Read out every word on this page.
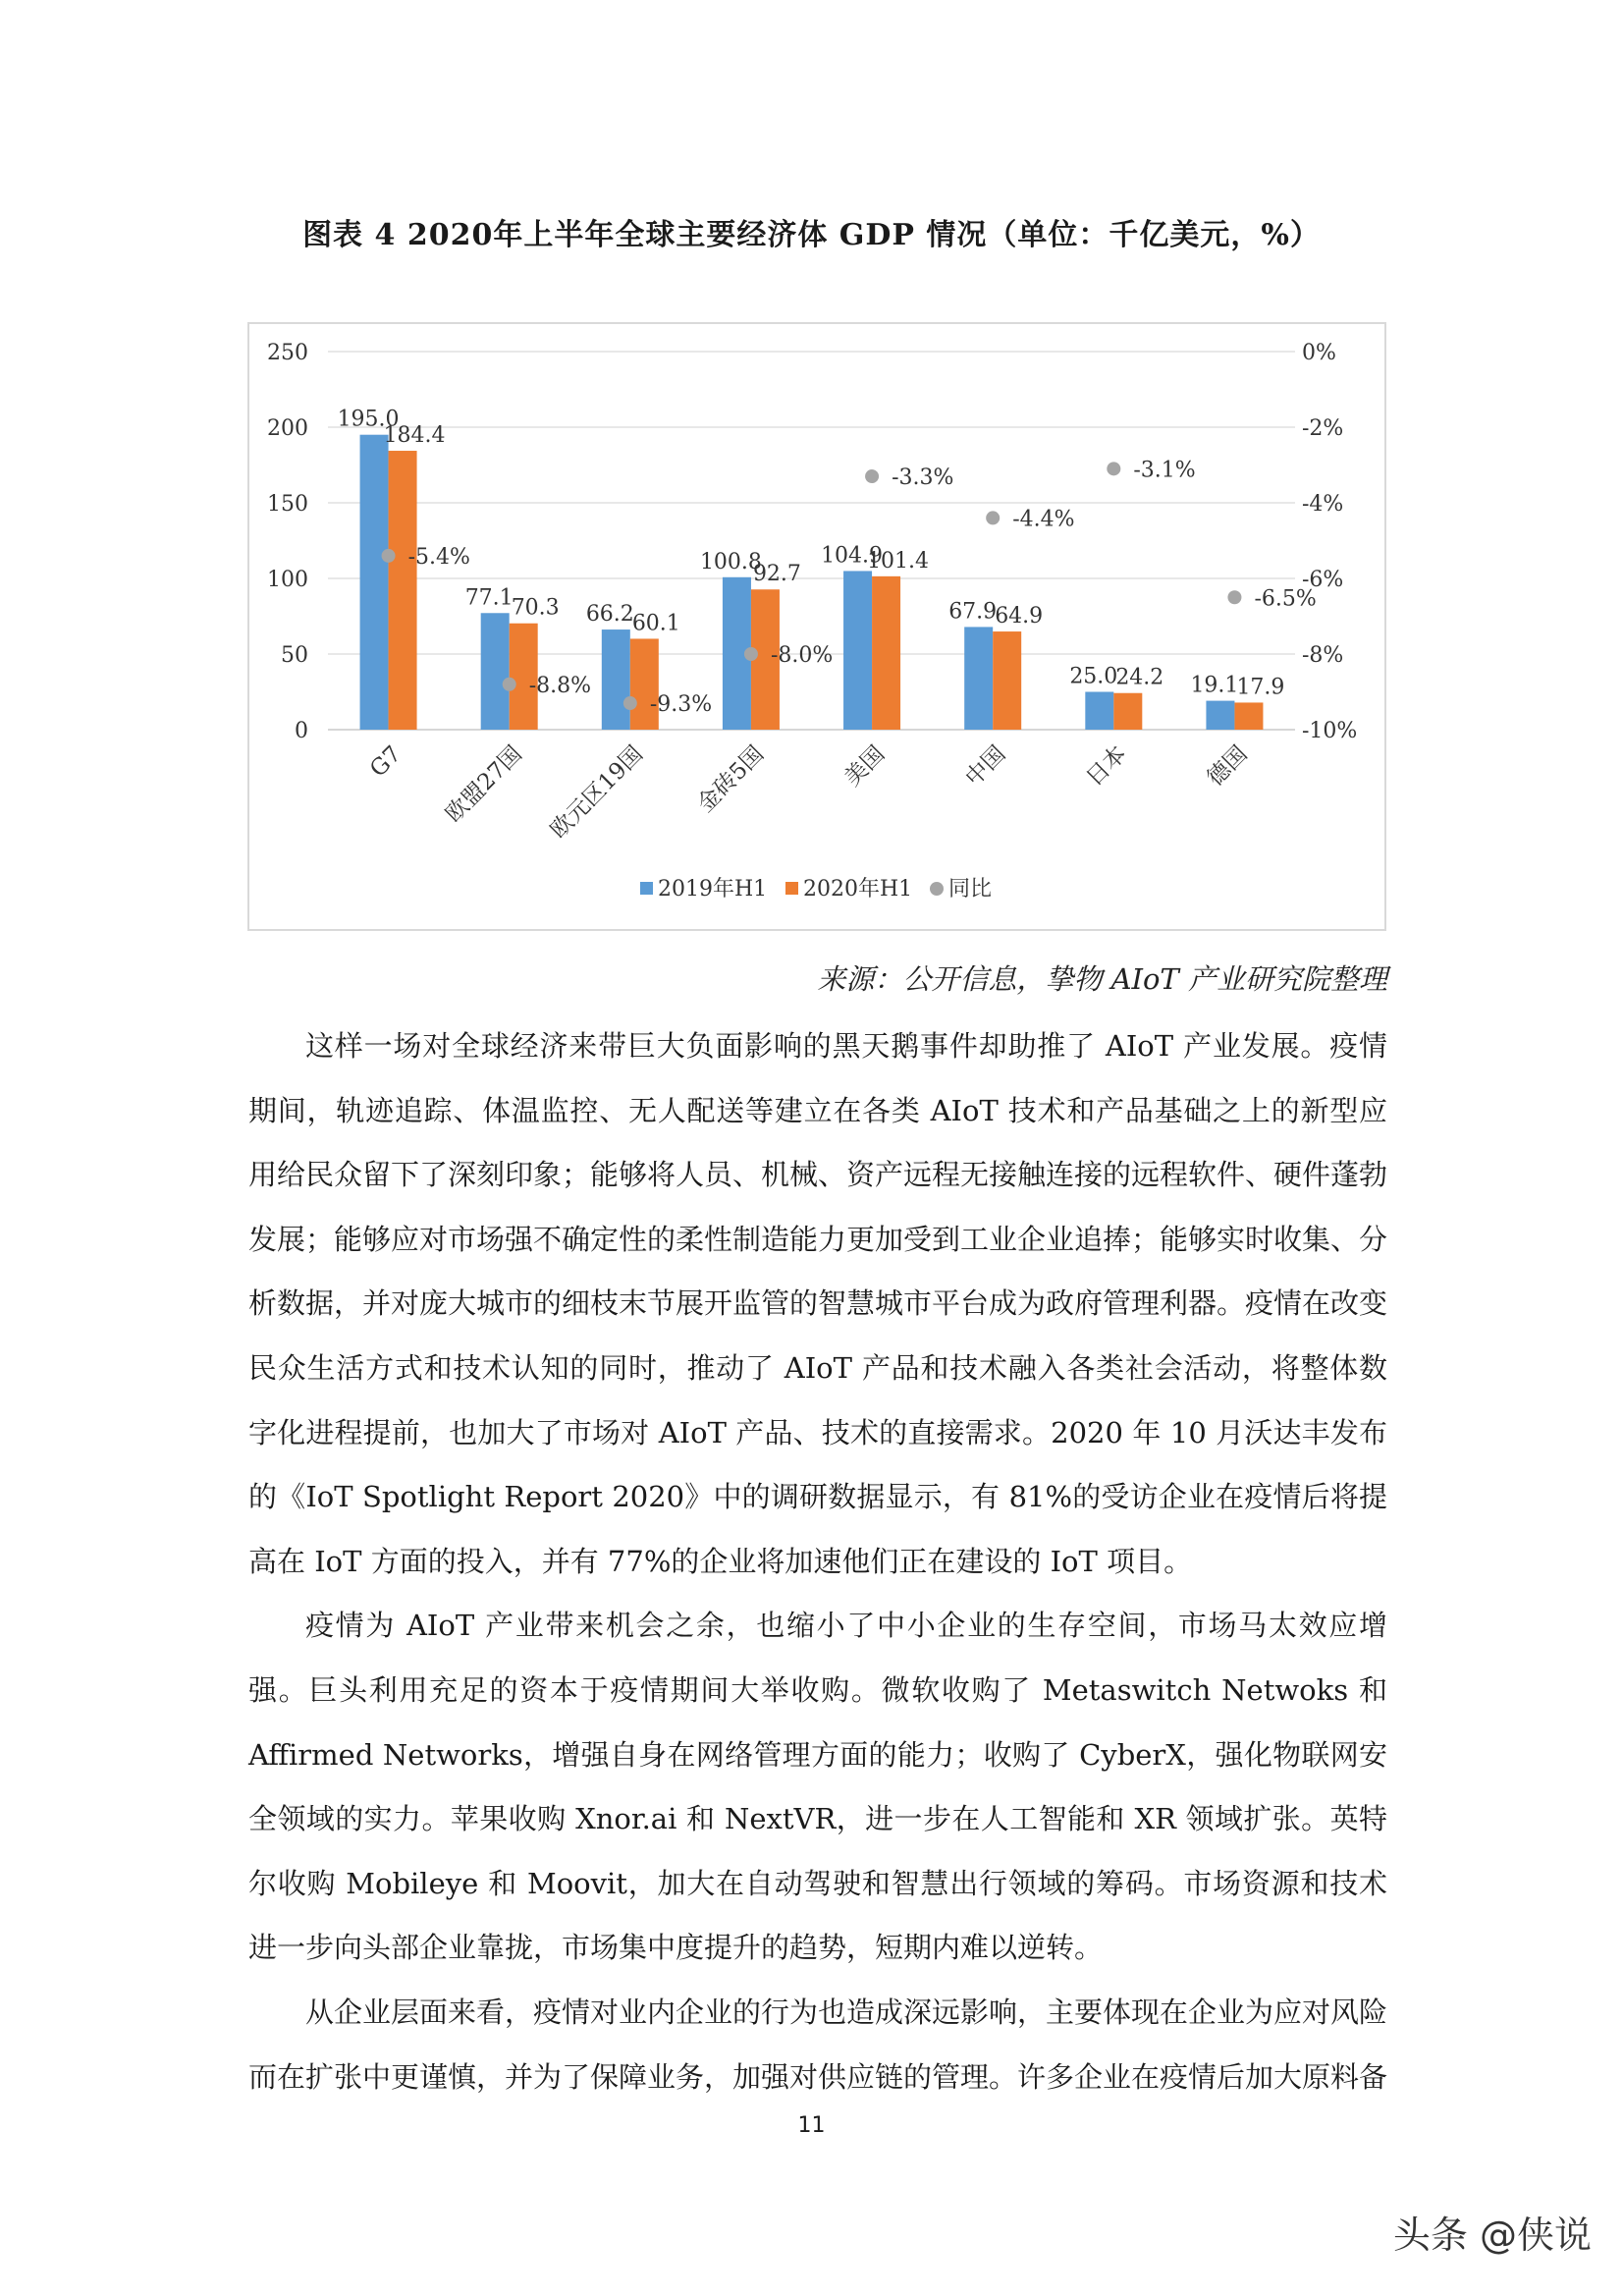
图表 4 2020年上半年全球主要经济体 GDP 情况（单位：千亿美元，%）
0
50
100
150
200
250
-10%
-8%
-6%
-4%
-2%
0%
195.0
184.4
-5.4%
G7
77.1
70.3
-8.8%
欧盟27国
66.2
60.1
-9.3%
欧元区19国
100.8
92.7
-8.0%
金砖5国
104.9
101.4
-3.3%
美国
67.9
64.9
-4.4%
中国
25.0
24.2
-3.1%
日本
19.1
17.9
-6.5%
德国
2019年H1 2020年H1 同比
来源：公开信息，挚物 AIoT 产业研究院整理

这样一场对全球经济来带巨大负面影响的黑天鹅事件却助推了 AIoT 产业发展。疫情期间，轨迹追踪、体温监控、无人配送等建立在各类 AIoT 技术和产品基础之上的新型应用给民众留下了深刻印象；能够将人员、机械、资产远程无接触连接的远程软件、硬件蓬勃发展；能够应对市场强不确定性的柔性制造能力更加受到工业企业追捧；能够实时收集、分析数据，并对庞大城市的细枝末节展开监管的智慧城市平台成为政府管理利器。疫情在改变民众生活方式和技术认知的同时，推动了 AIoT 产品和技术融入各类社会活动，将整体数字化进程提前，也加大了市场对 AIoT 产品、技术的直接需求。2020 年 10 月沃达丰发布的《IoT Spotlight Report 2020》中的调研数据显示，有 81%的受访企业在疫情后将提高在 IoT 方面的投入，并有 77%的企业将加速他们正在建设的 IoT 项目。

疫情为 AIoT 产业带来机会之余，也缩小了中小企业的生存空间，市场马太效应增强。巨头利用充足的资本于疫情期间大举收购。微软收购了 Metaswitch Netwoks 和 Affirmed Networks，增强自身在网络管理方面的能力；收购了 CyberX，强化物联网安全领域的实力。苹果收购 Xnor.ai 和 NextVR，进一步在人工智能和 XR 领域扩张。英特尔收购 Mobileye 和 Moovit，加大在自动驾驶和智慧出行领域的筹码。市场资源和技术进一步向头部企业靠拢，市场集中度提升的趋势，短期内难以逆转。

从企业层面来看，疫情对业内企业的行为也造成深远影响，主要体现在企业为应对风险而在扩张中更谨慎，并为了保障业务，加强对供应链的管理。许多企业在疫情后加大原料备

11
头条 @侠说
